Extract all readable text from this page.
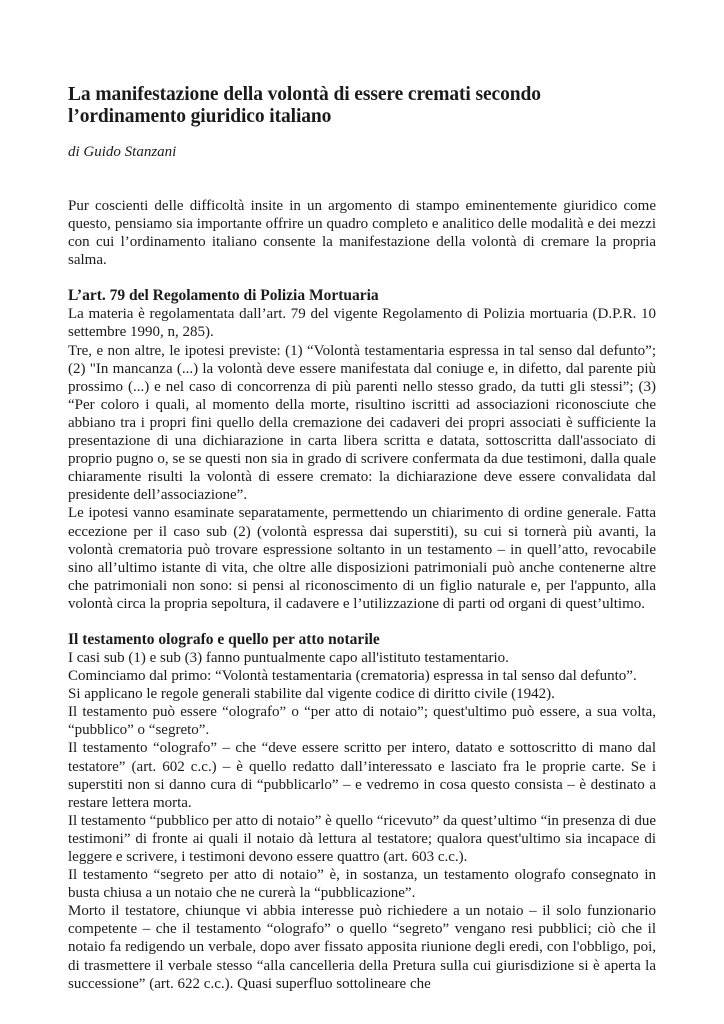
La manifestazione della volontà di essere cremati secondo l’ordinamento giuridico italiano
di Guido Stanzani

Pur coscienti delle difficoltà insite in un argomento di stampo eminentemente giuridico come questo, pensiamo sia importante offrire un quadro completo e analitico delle modalità e dei mezzi con cui l’ordinamento italiano consente la manifestazione della volontà di cremare la propria salma.

L’art. 79 del Regolamento di Polizia Mortuaria

La materia è regolamentata dall’art. 79 del vigente Regolamento di Polizia mortuaria (D.P.R. 10 settembre 1990, n, 285).

Tre, e non altre, le ipotesi previste: (1) “Volontà testamentaria espressa in tal senso dal defunto”; (2) "In mancanza (...) la volontà deve essere manifestata dal coniuge e, in difetto, dal parente più prossimo (...) e nel caso di concorrenza di più parenti nello stesso grado, da tutti gli stessi”; (3) “Per coloro i quali, al momento della morte, risultino iscritti ad associazioni riconosciute che abbiano tra i propri fini quello della cremazione dei cadaveri dei propri associati è sufficiente la presentazione di una dichiarazione in carta libera scritta e datata, sottoscritta dall'associato di proprio pugno o, se se questi non sia in grado di scrivere confermata da due testimoni, dalla quale chiaramente risulti la volontà di essere cremato: la dichiarazione deve essere convalidata dal presidente dell’associazione”.

Le ipotesi vanno esaminate separatamente, permettendo un chiarimento di ordine generale. Fatta eccezione per il caso sub (2) (volontà espressa dai superstiti), su cui si tornerà più avanti, la volontà crematoria può trovare espressione soltanto in un testamento – in quell’atto, revocabile sino all’ultimo istante di vita, che oltre alle disposizioni patrimoniali può anche contenerne altre che patrimoniali non sono: si pensi al riconoscimento di un figlio naturale e, per l'appunto, alla volontà circa la propria sepoltura, il cadavere e l’utilizzazione di parti od organi di quest’ultimo.

Il testamento olografo e quello per atto notarile

I casi sub (1) e sub (3) fanno puntualmente capo all'istituto testamentario.

Cominciamo dal primo: “Volontà testamentaria (crematoria) espressa in tal senso dal defunto”.

Si applicano le regole generali stabilite dal vigente codice di diritto civile (1942).

Il testamento può essere “olografo” o “per atto di notaio”; quest'ultimo può essere, a sua volta, “pubblico” o “segreto”.

Il testamento “olografo” – che “deve essere scritto per intero, datato e sottoscritto di mano dal testatore” (art. 602 c.c.) – è quello redatto dall’interessato e lasciato fra le proprie carte. Se i superstiti non si danno cura di “pubblicarlo” – e vedremo in cosa questo consista – è destinato a restare lettera morta.

Il testamento “pubblico per atto di notaio” è quello “ricevuto” da quest’ultimo “in presenza di due testimoni” di fronte ai quali il notaio dà lettura al testatore; qualora quest'ultimo sia incapace di leggere e scrivere, i testimoni devono essere quattro (art. 603 c.c.).

Il testamento “segreto per atto di notaio” è, in sostanza, un testamento olografo consegnato in busta chiusa a un notaio che ne curerà la “pubblicazione”.

Morto il testatore, chiunque vi abbia interesse può richiedere a un notaio – il solo funzionario competente – che il testamento “olografo” o quello “segreto” vengano resi pubblici; ciò che il notaio fa redigendo un verbale, dopo aver fissato apposita riunione degli eredi, con l'obbligo, poi, di trasmettere il verbale stesso “alla cancelleria della Pretura sulla cui giurisdizione si è aperta la successione” (art. 622 c.c.). Quasi superfluo sottolineare che
